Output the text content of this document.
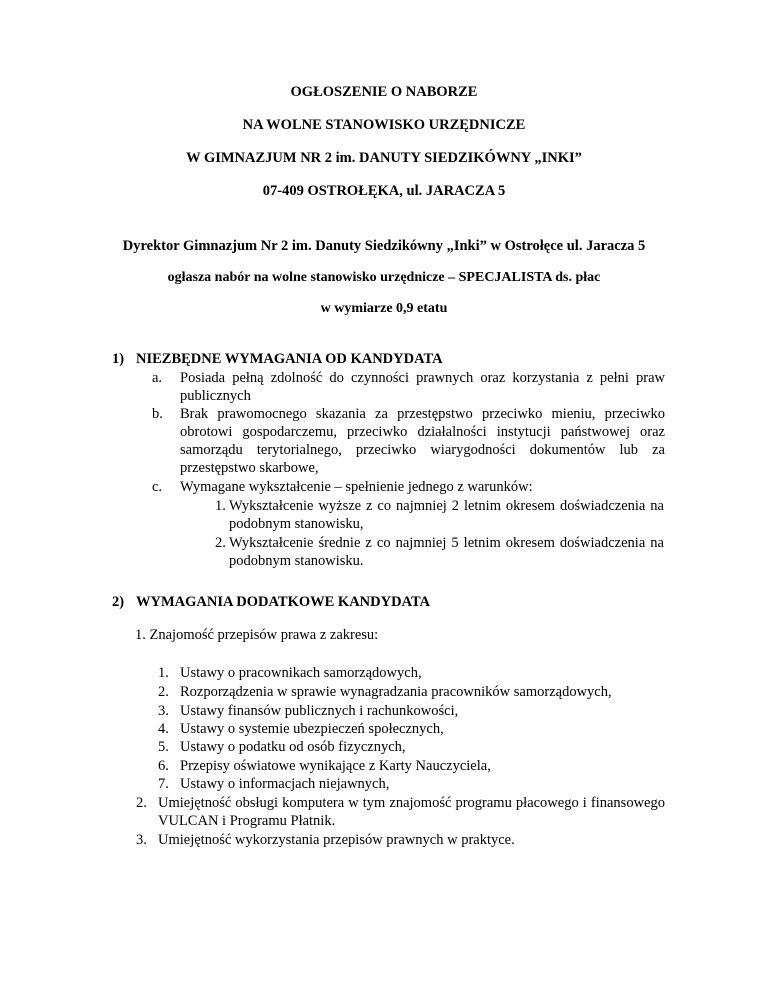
OGŁOSZENIE O NABORZE
NA WOLNE STANOWISKO URZĘDNICZE
W GIMNAZJUM NR 2 im. DANUTY SIEDZIKÓWNY „INKI”
07-409 OSTROŁĘKA, ul. JARACZA 5
Dyrektor Gimnazjum Nr 2 im. Danuty Siedzikówny „Inki” w Ostrołęce ul. Jaracza 5
ogłasza nabór na wolne stanowisko urzędnicze – SPECJALISTA ds. płac
w wymiarze 0,9 etatu
1) NIEZBĘDNE WYMAGANIA OD KANDYDATA
a. Posiada pełną zdolność do czynności prawnych oraz korzystania z pełni praw publicznych
b. Brak prawomocnego skazania za przestępstwo przeciwko mieniu, przeciwko obrotowi gospodarczemu, przeciwko działalności instytucji państwowej oraz samorządu terytorialnego, przeciwko wiarygodności dokumentów lub za przestępstwo skarbowe,
c. Wymagane wykształcenie – spełnienie jednego z warunków:
1. Wykształcenie wyższe z co najmniej 2 letnim okresem doświadczenia na podobnym stanowisku,
2. Wykształcenie średnie z co najmniej 5 letnim okresem doświadczenia na podobnym stanowisku.
2) WYMAGANIA DODATKOWE KANDYDATA
1. Znajomość przepisów prawa z zakresu:
1. Ustawy o pracownikach samorządowych,
2. Rozporządzenia w sprawie wynagradzania pracowników samorządowych,
3. Ustawy finansów publicznych i rachunkowości,
4. Ustawy o systemie ubezpieczeń społecznych,
5. Ustawy o podatku od osób fizycznych,
6. Przepisy oświatowe wynikające z Karty Nauczyciela,
7. Ustawy o informacjach niejawnych,
2. Umiejętność obsługi komputera w tym znajomość programu płacowego i finansowego VULCAN i Programu Płatnik.
3. Umiejętność wykorzystania przepisów prawnych w praktyce.
